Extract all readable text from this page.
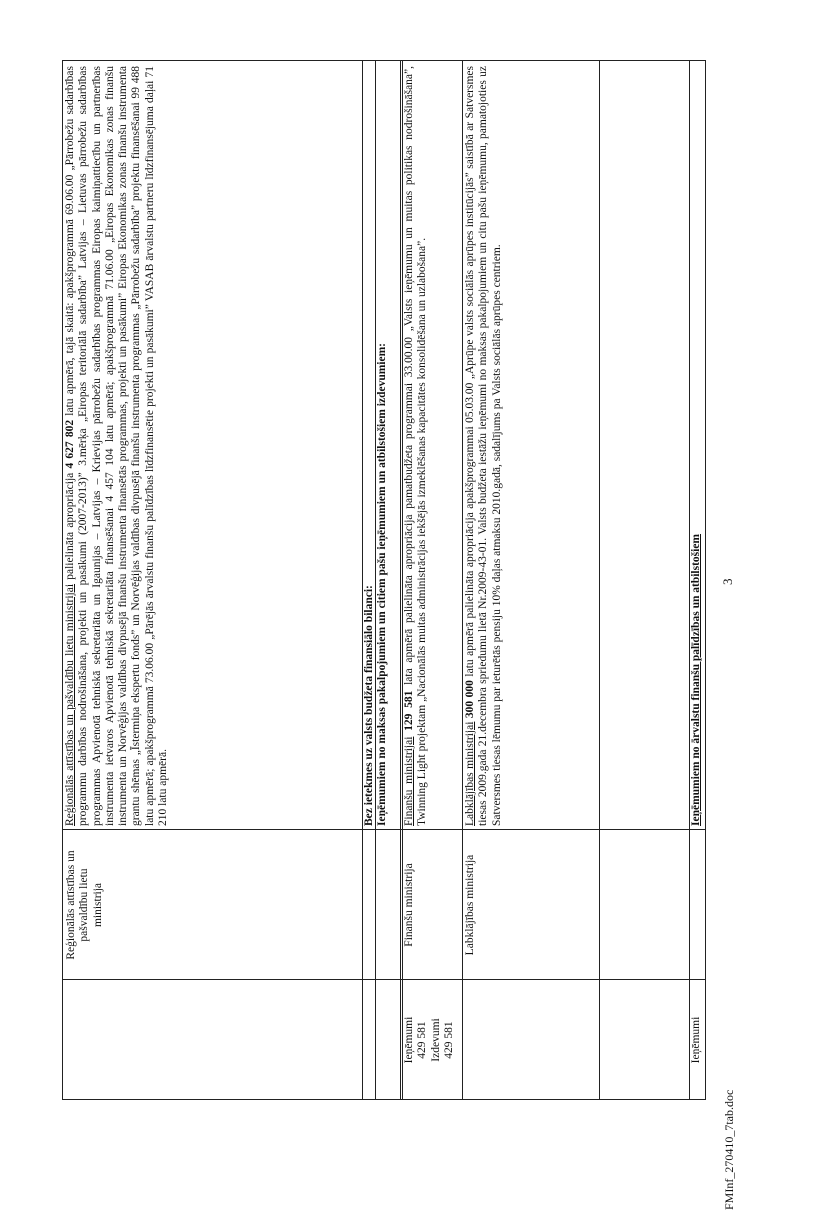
Reģionālās attīstības un pašvaldību lietu ministrija

Reģionālās attīstības un pašvaldību lietu ministrijai palielināta apropriācija 4 627 802 latu apmērā, tajā skaitā: apakšprogrammā 69.06.00 „Pārrobežu sadarbības programmu darbības nodrošināšana, projekti un pasākumi (2007-2013)” 3.mērķa „Eiropas teritoriālā sadarbība” Latvijas – Lietuvas pārrobežu sadarbības programmas Apvienotā tehniskā sekretariāta un Igaunijas – Latvijas – Krievijas pārrobežu sadarbības programmas Eiropas kaimiņattiecību un partnerības instrumenta ietvaros Apvienotā tehniskā sekretariāta finansēšanai 4 457 104 latu apmērā; apakšprogrammā 71.06.00 „Eiropas Ekonomikas zonas finanšu instrumenta un Norvēģijas valdības divpusējā finanšu instrumenta finansētās programmas, projekti un pasākumi” Eiropas Ekonomikas zonas finanšu instrumenta grantu shēmas „Īstermiņa ekspertu fonds” un Norvēģijas valdības divpusējā finanšu instrumenta programmas „Pārrobežu sadarbība” projektu finansēšanai 99 488 latu apmērā; apakšprogrammā 73.06.00 „Pārējās ārvalstu finanšu palīdzības līdzfinansētie projekti un pasākumi” VASAB ārvalstu partneru līdzfinansējuma daļai 71 210 latu apmērā.	Bez ietekmes uz valsts budžeta finansiālo bilanci: Ieņēmumiem no maksas pakalpojumiem un citiem pašu ieņēmumiem un atbilstošiem izdevumiem:

Ieņēmumi 429 581 Izdevumi 429 581

Finanšu ministrija

Finanšu ministrijai 129 581 lata apmērā palielināta apropriācija pamatbudžeta programmai 33.00.00 „Valsts ieņēmumu un muitas politikas nodrošināšana”, Twinning Light projektam „Nacionālās muitas administrācijas iekšējās izmeklēšanas kapacitātes konsolidēšana un uzlabošana”.

Labklājības ministrija

Labklājības ministrijai 300 000 latu apmērā palielināta apropriācija apakšprogrammai 05.03.00 „Aprūpe valsts sociālās aprūpes institūcijās” saistībā ar Satversmes tiesas 2009.gada 21.decembra spriedumu lietā Nr.2009-43-01. Valsts budžeta iestāžu ieņēmumi no maksas pakalpojumiem un citu pašu ieņēmumu, pamatojoties uz Satversmes tiesas lēmumu par ieturētās pensiju 10% daļas atmaksu 2010.gadā, sadalījums pa Valsts sociālās aprūpes centriem.

Ieņēmumi

Ieņēmumiem no ārvalstu finanšu palīdzības un atbilstošiem
FMInf_270410_7tab.doc
3
